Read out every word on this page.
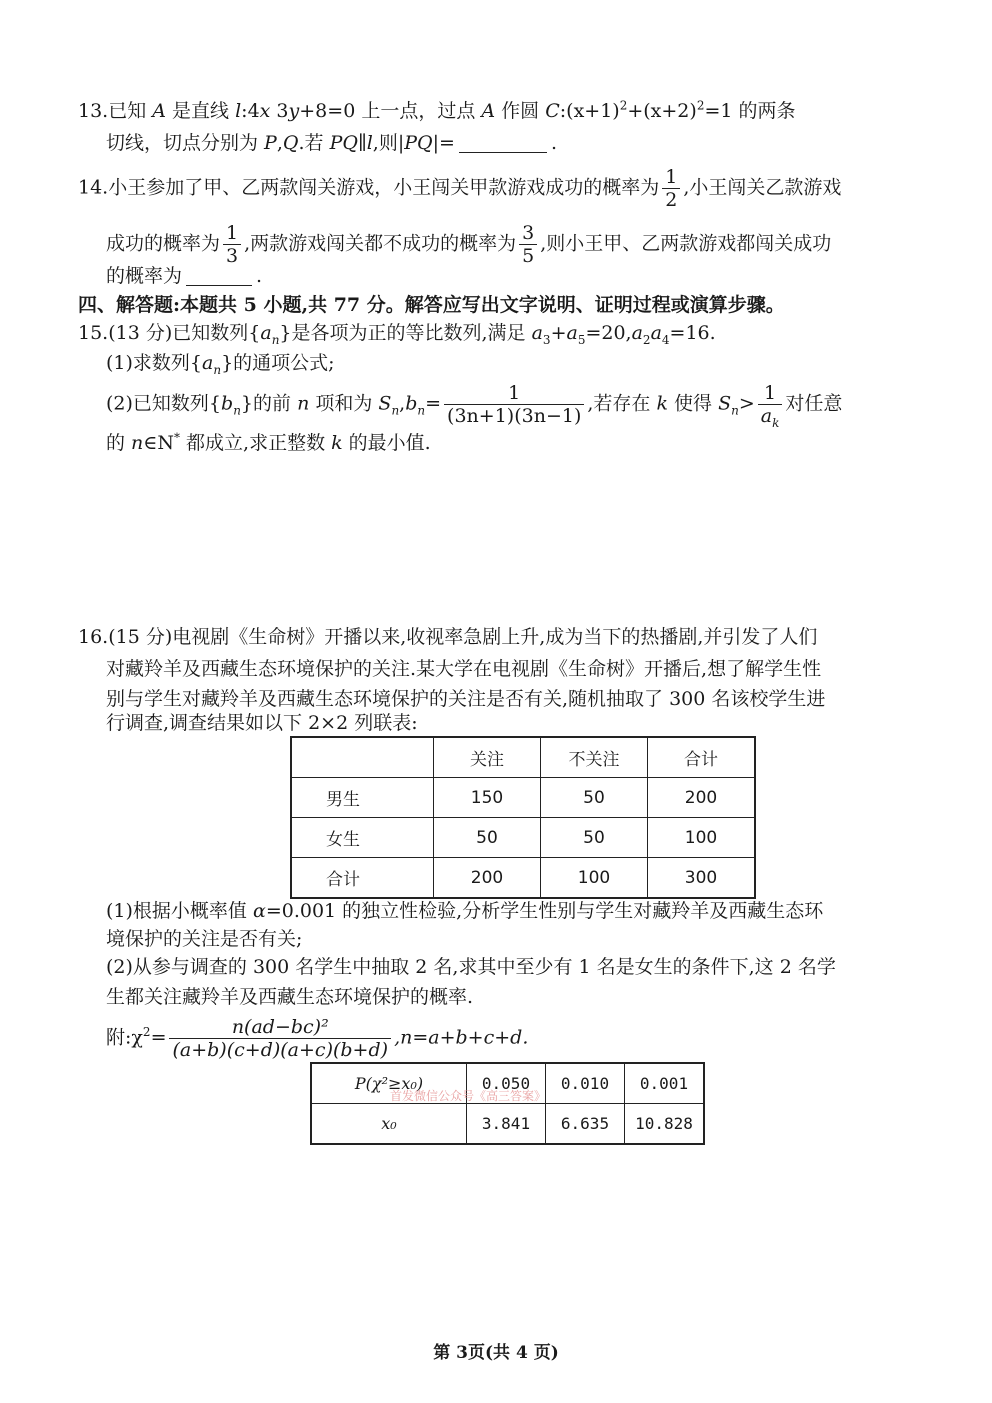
13.已知 A 是直线 l:4x 3y+8=0 上一点，过点 A 作圆 $C:(x+1)^2+(x+2)^2=1$ 的两条
切线，切点分别为 P,Q.若 PQ∥l,则|PQ|=	.
14.小王参加了甲、乙两款闯关游戏，小王闯关甲款游戏成功的概率为 $\frac{1}{2}$ ,小王闯关乙款游戏
成功的概率为 $\frac{1}{3}$ ,两款游戏闯关都不成功的概率为 $\frac{3}{5}$ ,则小王甲、乙两款游戏都闯关成功
的概率为	.
四、解答题:本题共 5 小题,共 77 分。解答应写出文字说明、证明过程或演算步骤。
15.(13 分)已知数列$\{a_n\}$是各项为正的等比数列,满足 $a_3+a_5=20,a_2a_4=16$.
(1)求数列$\{a_n\}$的通项公式;
(2)已知数列$\{b_n\}$的前 n 项和为 $S_n,b_n= \frac{1}{(3n+1)(3n-1)}$ ,若存在 k 使得 $S_n> \frac{1}{a_k}$ 对任意
的 n∈N* 都成立,求正整数 k 的最小值.
16.(15 分)电视剧《生命树》开播以来,收视率急剧上升,成为当下的热播剧,并引发了人们
对藏羚羊及西藏生态环境保护的关注.某大学在电视剧《生命树》开播后,想了解学生性
别与学生对藏羚羊及西藏生态环境保护的关注是否有关,随机抽取了 300 名该校学生进
行调查,调查结果如以下 2×2 列联表:
	关注	不关注	合计
男生	150	50	200
女生	50	50	100
合计	200	100	300
(1)根据小概率值 α=0.001 的独立性检验,分析学生性别与学生对藏羚羊及西藏生态环
境保护的关注是否有关;
(2)从参与调查的 300 名学生中抽取 2 名,求其中至少有 1 名是女生的条件下,这 2 名学
生都关注藏羚羊及西藏生态环境保护的概率.
附$:\chi^2= \frac{\text{n(ad−bc)²}}{(a+b)(c+d)(a+c)(b+d)} ,n=a+b+c+d$.
P(χ²≥x₀)	0.050	0.010	0.001
x₀	3.841	6.635	10.828
首发微信公众号《高三答案》
第 3页(共 4 页)
